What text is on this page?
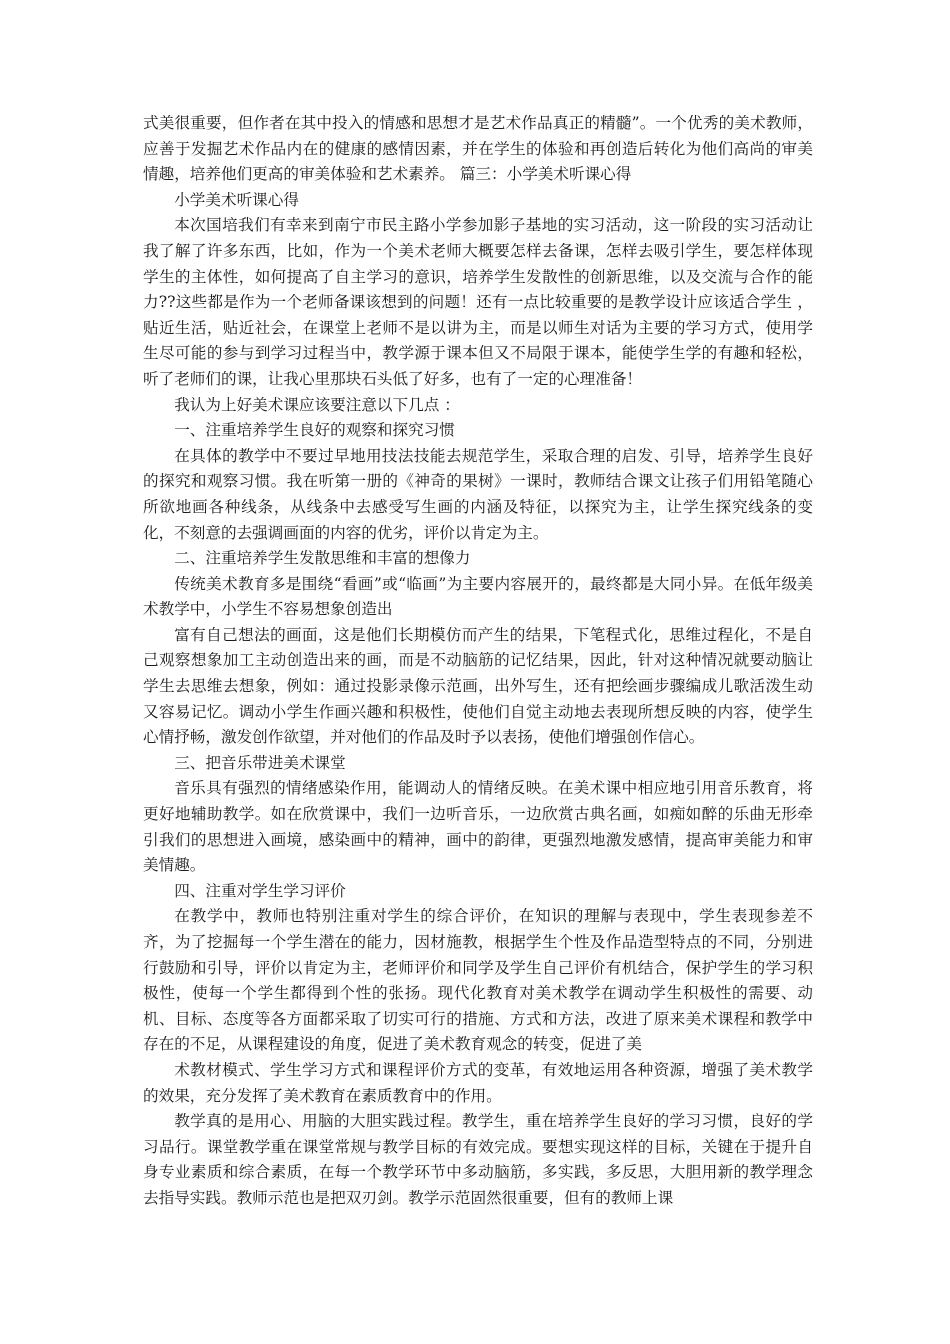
式美很重要，但作者在其中投入的情感和思想才是艺术作品真正的精髓”。一个优秀的美术教师，应善于发掘艺术作品内在的健康的感情因素，并在学生的体验和再创造后转化为他们高尚的审美情趣，培养他们更高的审美体验和艺术素养。 篇三：小学美术听课心得

小学美术听课心得

本次国培我们有幸来到南宁市民主路小学参加影子基地的实习活动，这一阶段的实习活动让我了解了许多东西，比如，作为一个美术老师大概要怎样去备课，怎样去吸引学生，要怎样体现学生的主体性，如何提高了自主学习的意识，培养学生发散性的创新思维，以及交流与合作的能力??这些都是作为一个老师备课该想到的问题！还有一点比较重要的是教学设计应该适合学生 ，贴近生活，贴近社会，在课堂上老师不是以讲为主，而是以师生对话为主要的学习方式，使用学生尽可能的参与到学习过程当中，教学源于课本但又不局限于课本，能使学生学的有趣和轻松，听了老师们的课，让我心里那块石头低了好多，也有了一定的心理准备！

我认为上好美术课应该要注意以下几点 ：

一、注重培养学生良好的观察和探究习惯

在具体的教学中不要过早地用技法技能去规范学生，采取合理的启发、引导，培养学生良好的探究和观察习惯。我在听第一册的《神奇的果树》一课时，教师结合课文让孩子们用铅笔随心所欲地画各种线条，从线条中去感受写生画的内涵及特征，以探究为主，让学生探究线条的变化，不刻意的去强调画面的内容的优劣，评价以肯定为主。

二、注重培养学生发散思维和丰富的想像力

传统美术教育多是围绕“看画”或“临画”为主要内容展开的，最终都是大同小异。在低年级美术教学中，小学生不容易想象创造出

富有自己想法的画面，这是他们长期模仿而产生的结果，下笔程式化，思维过程化，不是自己观察想象加工主动创造出来的画，而是不动脑筋的记忆结果，因此，针对这种情况就要动脑让学生去思维去想象，例如：通过投影录像示范画，出外写生，还有把绘画步骤编成儿歌活泼生动又容易记忆。调动小学生作画兴趣和积极性，使他们自觉主动地去表现所想反映的内容，使学生心情抒畅，激发创作欲望，并对他们的作品及时予以表扬，使他们增强创作信心。

三、把音乐带进美术课堂

音乐具有强烈的情绪感染作用，能调动人的情绪反映。在美术课中相应地引用音乐教育，将更好地辅助教学。如在欣赏课中，我们一边听音乐，一边欣赏古典名画，如痴如醉的乐曲无形牵引我们的思想进入画境，感染画中的精神，画中的韵律，更强烈地激发感情，提高审美能力和审美情趣。

四、注重对学生学习评价

在教学中，教师也特别注重对学生的综合评价，在知识的理解与表现中，学生表现参差不齐，为了挖掘每一个学生潜在的能力，因材施教，根据学生个性及作品造型特点的不同，分别进行鼓励和引导，评价以肯定为主，老师评价和同学及学生自己评价有机结合，保护学生的学习积极性，使每一个学生都得到个性的张扬。现代化教育对美术教学在调动学生积极性的需要、动机、目标、态度等各方面都采取了切实可行的措施、方式和方法，改进了原来美术课程和教学中存在的不足，从课程建设的角度，促进了美术教育观念的转变，促进了美

术教材模式、学生学习方式和课程评价方式的变革，有效地运用各种资源，增强了美术教学的效果，充分发挥了美术教育在素质教育中的作用。

教学真的是用心、用脑的大胆实践过程。教学生，重在培养学生良好的学习习惯，良好的学习品行。课堂教学重在课堂常规与教学目标的有效完成。要想实现这样的目标，关键在于提升自身专业素质和综合素质，在每一个教学环节中多动脑筋，多实践，多反思，大胆用新的教学理念去指导实践。教师示范也是把双刃剑。教学示范固然很重要，但有的教师上课
